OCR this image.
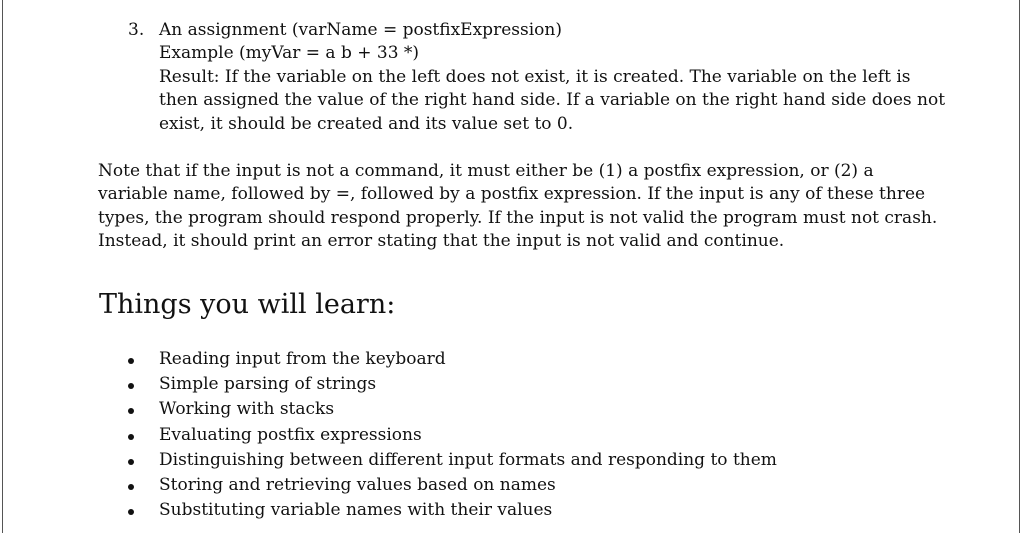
3. An assignment (varName = postfixExpression)
Example (myVar = a b + 33 *)
Result: If the variable on the left does not exist, it is created. The variable on the left is
then assigned the value of the right hand side. If a variable on the right hand side does not
exist, it should be created and its value set to 0.
Note that if the input is not a command, it must either be (1) a postfix expression, or (2) a
variable name, followed by =, followed by a postfix expression. If the input is any of these three
types, the program should respond properly. If the input is not valid the program must not crash.
Instead, it should print an error stating that the input is not valid and continue.
Things you will learn:
Reading input from the keyboard
Simple parsing of strings
Working with stacks
Evaluating postfix expressions
Distinguishing between different input formats and responding to them
Storing and retrieving values based on names
Substituting variable names with their values
